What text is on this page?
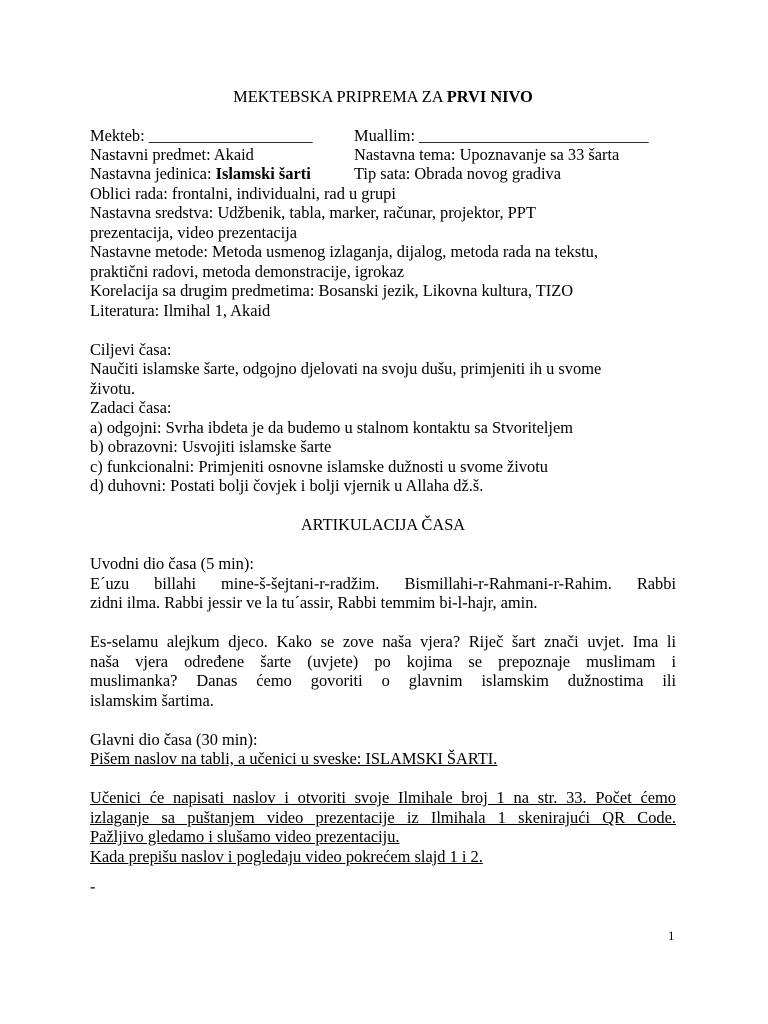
MEKTEBSKA PRIPREMA ZA PRVI NIVO
Mekteb: ____________________	Muallim: ____________________________
Nastavni predmet: Akaid	Nastavna tema: Upoznavanje sa 33 šarta
Nastavna jedinica: Islamski šarti	Tip sata: Obrada novog gradiva
Oblici rada: frontalni, individualni, rad u grupi
Nastavna sredstva: Udžbenik, tabla, marker, računar, projektor, PPT
prezentacija, video prezentacija
Nastavne metode: Metoda usmenog izlaganja, dijalog, metoda rada na tekstu,
praktični radovi, metoda demonstracije, igrokaz
Korelacija sa drugim predmetima: Bosanski jezik, Likovna kultura, TIZO
Literatura: Ilmihal 1, Akaid
Ciljevi časa:
Naučiti islamske šarte, odgojno djelovati na svoju dušu, primjeniti ih u svome
životu.
Zadaci časa:
a) odgojni: Svrha ibdeta je da budemo u stalnom kontaktu sa Stvoriteljem
b) obrazovni: Usvojiti islamske šarte
c) funkcionalni: Primjeniti osnovne islamske dužnosti u svome životu
d) duhovni: Postati bolji čovjek i bolji vjernik u Allaha dž.š.
ARTIKULACIJA ČASA
Uvodni dio časa (5 min):
E´uzu billahi mine-š-šejtani-r-radžim. Bismillahi-r-Rahmani-r-Rahim. Rabbi
zidni ilma. Rabbi jessir ve la tu´assir, Rabbi temmim bi-l-hajr, amin.
Es-selamu alejkum djeco. Kako se zove naša vjera? Riječ šart znači uvjet. Ima li
naša vjera određene šarte (uvjete) po kojima se prepoznaje muslimam i
muslimanka? Danas ćemo govoriti o glavnim islamskim dužnostima ili
islamskim šartima.
Glavni dio časa (30 min):
Pišem naslov na tabli, a učenici u sveske: ISLAMSKI ŠARTI.
Učenici će napisati naslov i otvoriti svoje Ilmihale broj 1 na str. 33. Počet ćemo
izlaganje sa puštanjem video prezentacije iz Ilmihala 1 skenirajući QR Code.
Pažljivo gledamo i slušamo video prezentaciju.
Kada prepišu naslov i pogledaju video pokrećem slajd 1 i 2.
-
1
